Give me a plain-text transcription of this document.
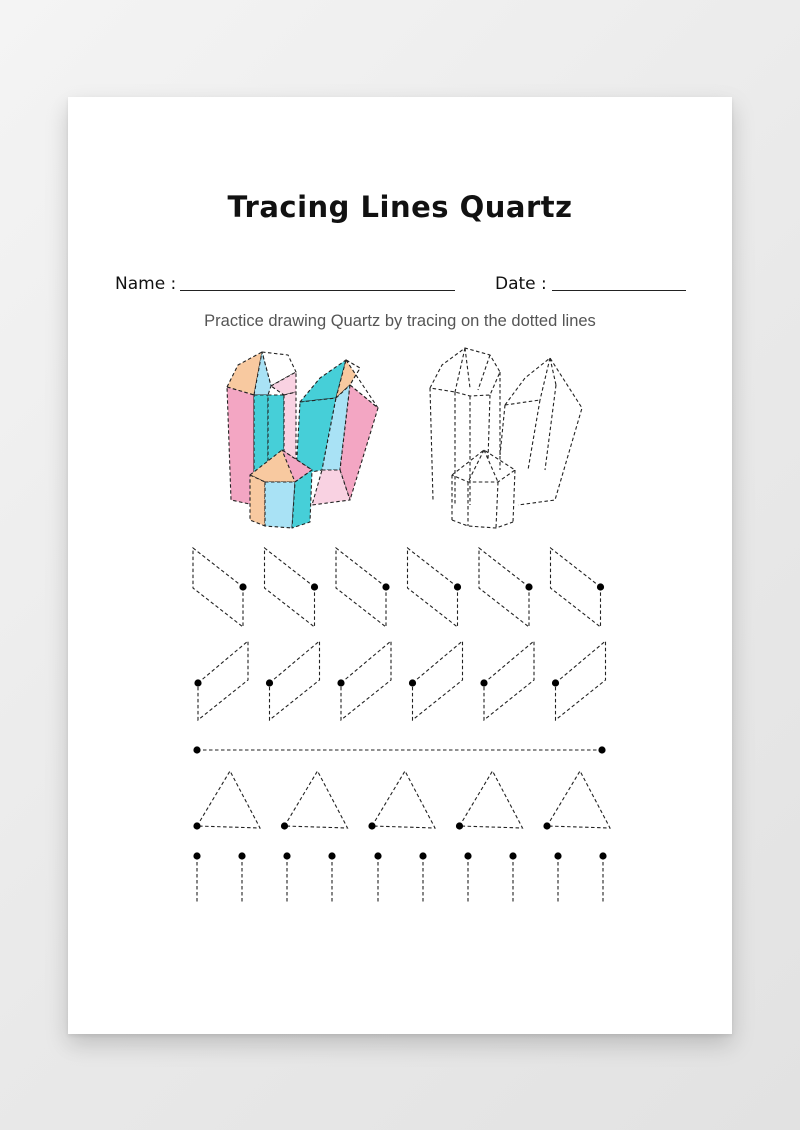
Tracing Lines Quartz
Name :	Date :
Practice drawing Quartz by tracing on the dotted lines
